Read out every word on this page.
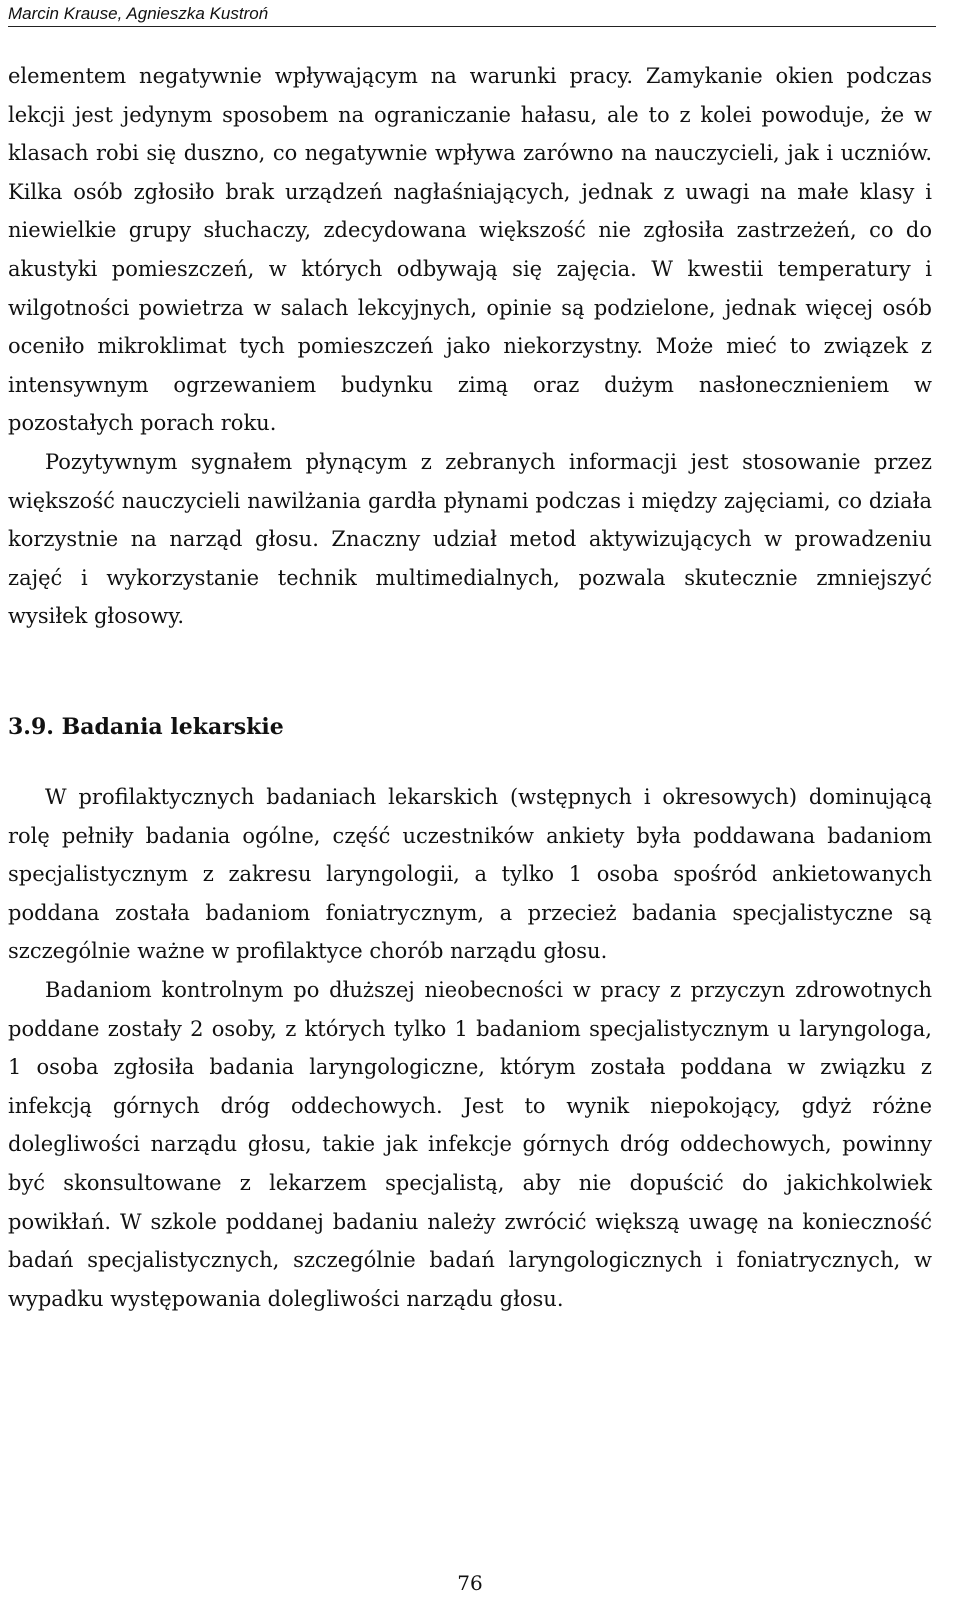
Marcin Krause, Agnieszka Kustroń

elementem negatywnie wpływającym na warunki pracy. Zamykanie okien podczas lekcji jest jedynym sposobem na ograniczanie hałasu, ale to z kolei powoduje, że w klasach robi się duszno, co negatywnie wpływa zarówno na nauczycieli, jak i uczniów. Kilka osób zgłosiło brak urządzeń nagłaśniających, jednak z uwagi na małe klasy i niewielkie grupy słuchaczy, zdecydowana większość nie zgłosiła zastrzeżeń, co do akustyki pomieszczeń, w których odbywają się zajęcia. W kwestii temperatury i wilgotności powietrza w salach lekcyjnych, opinie są podzielone, jednak więcej osób oceniło mikroklimat tych pomieszczeń jako niekorzystny. Może mieć to związek z intensywnym ogrzewaniem budynku zimą oraz dużym nasłonecznieniem w pozostałych porach roku.

Pozytywnym sygnałem płynącym z zebranych informacji jest stosowanie przez większość nauczycieli nawilżania gardła płynami podczas i między zajęciami, co działa korzystnie na narząd głosu. Znaczny udział metod aktywizujących w prowadzeniu zajęć i wykorzystanie technik multimedialnych, pozwala skutecznie zmniejszyć wysiłek głosowy.

3.9. Badania lekarskie

W profilaktycznych badaniach lekarskich (wstępnych i okresowych) dominującą rolę pełniły badania ogólne, część uczestników ankiety była poddawana badaniom specjalistycznym z zakresu laryngologii, a tylko 1 osoba spośród ankietowanych poddana została badaniom foniatrycznym, a przecież badania specjalistyczne są szczególnie ważne w profilaktyce chorób narządu głosu.

Badaniom kontrolnym po dłuższej nieobecności w pracy z przyczyn zdrowotnych poddane zostały 2 osoby, z których tylko 1 badaniom specjalistycznym u laryngologa, 1 osoba zgłosiła badania laryngologiczne, którym została poddana w związku z infekcją górnych dróg oddechowych. Jest to wynik niepokojący, gdyż różne dolegliwości narządu głosu, takie jak infekcje górnych dróg oddechowych, powinny być skonsultowane z lekarzem specjalistą, aby nie dopuścić do jakichkolwiek powikłań. W szkole poddanej badaniu należy zwrócić większą uwagę na konieczność badań specjalistycznych, szczególnie badań laryngologicznych i foniatrycznych, w wypadku występowania dolegliwości narządu głosu.

76
